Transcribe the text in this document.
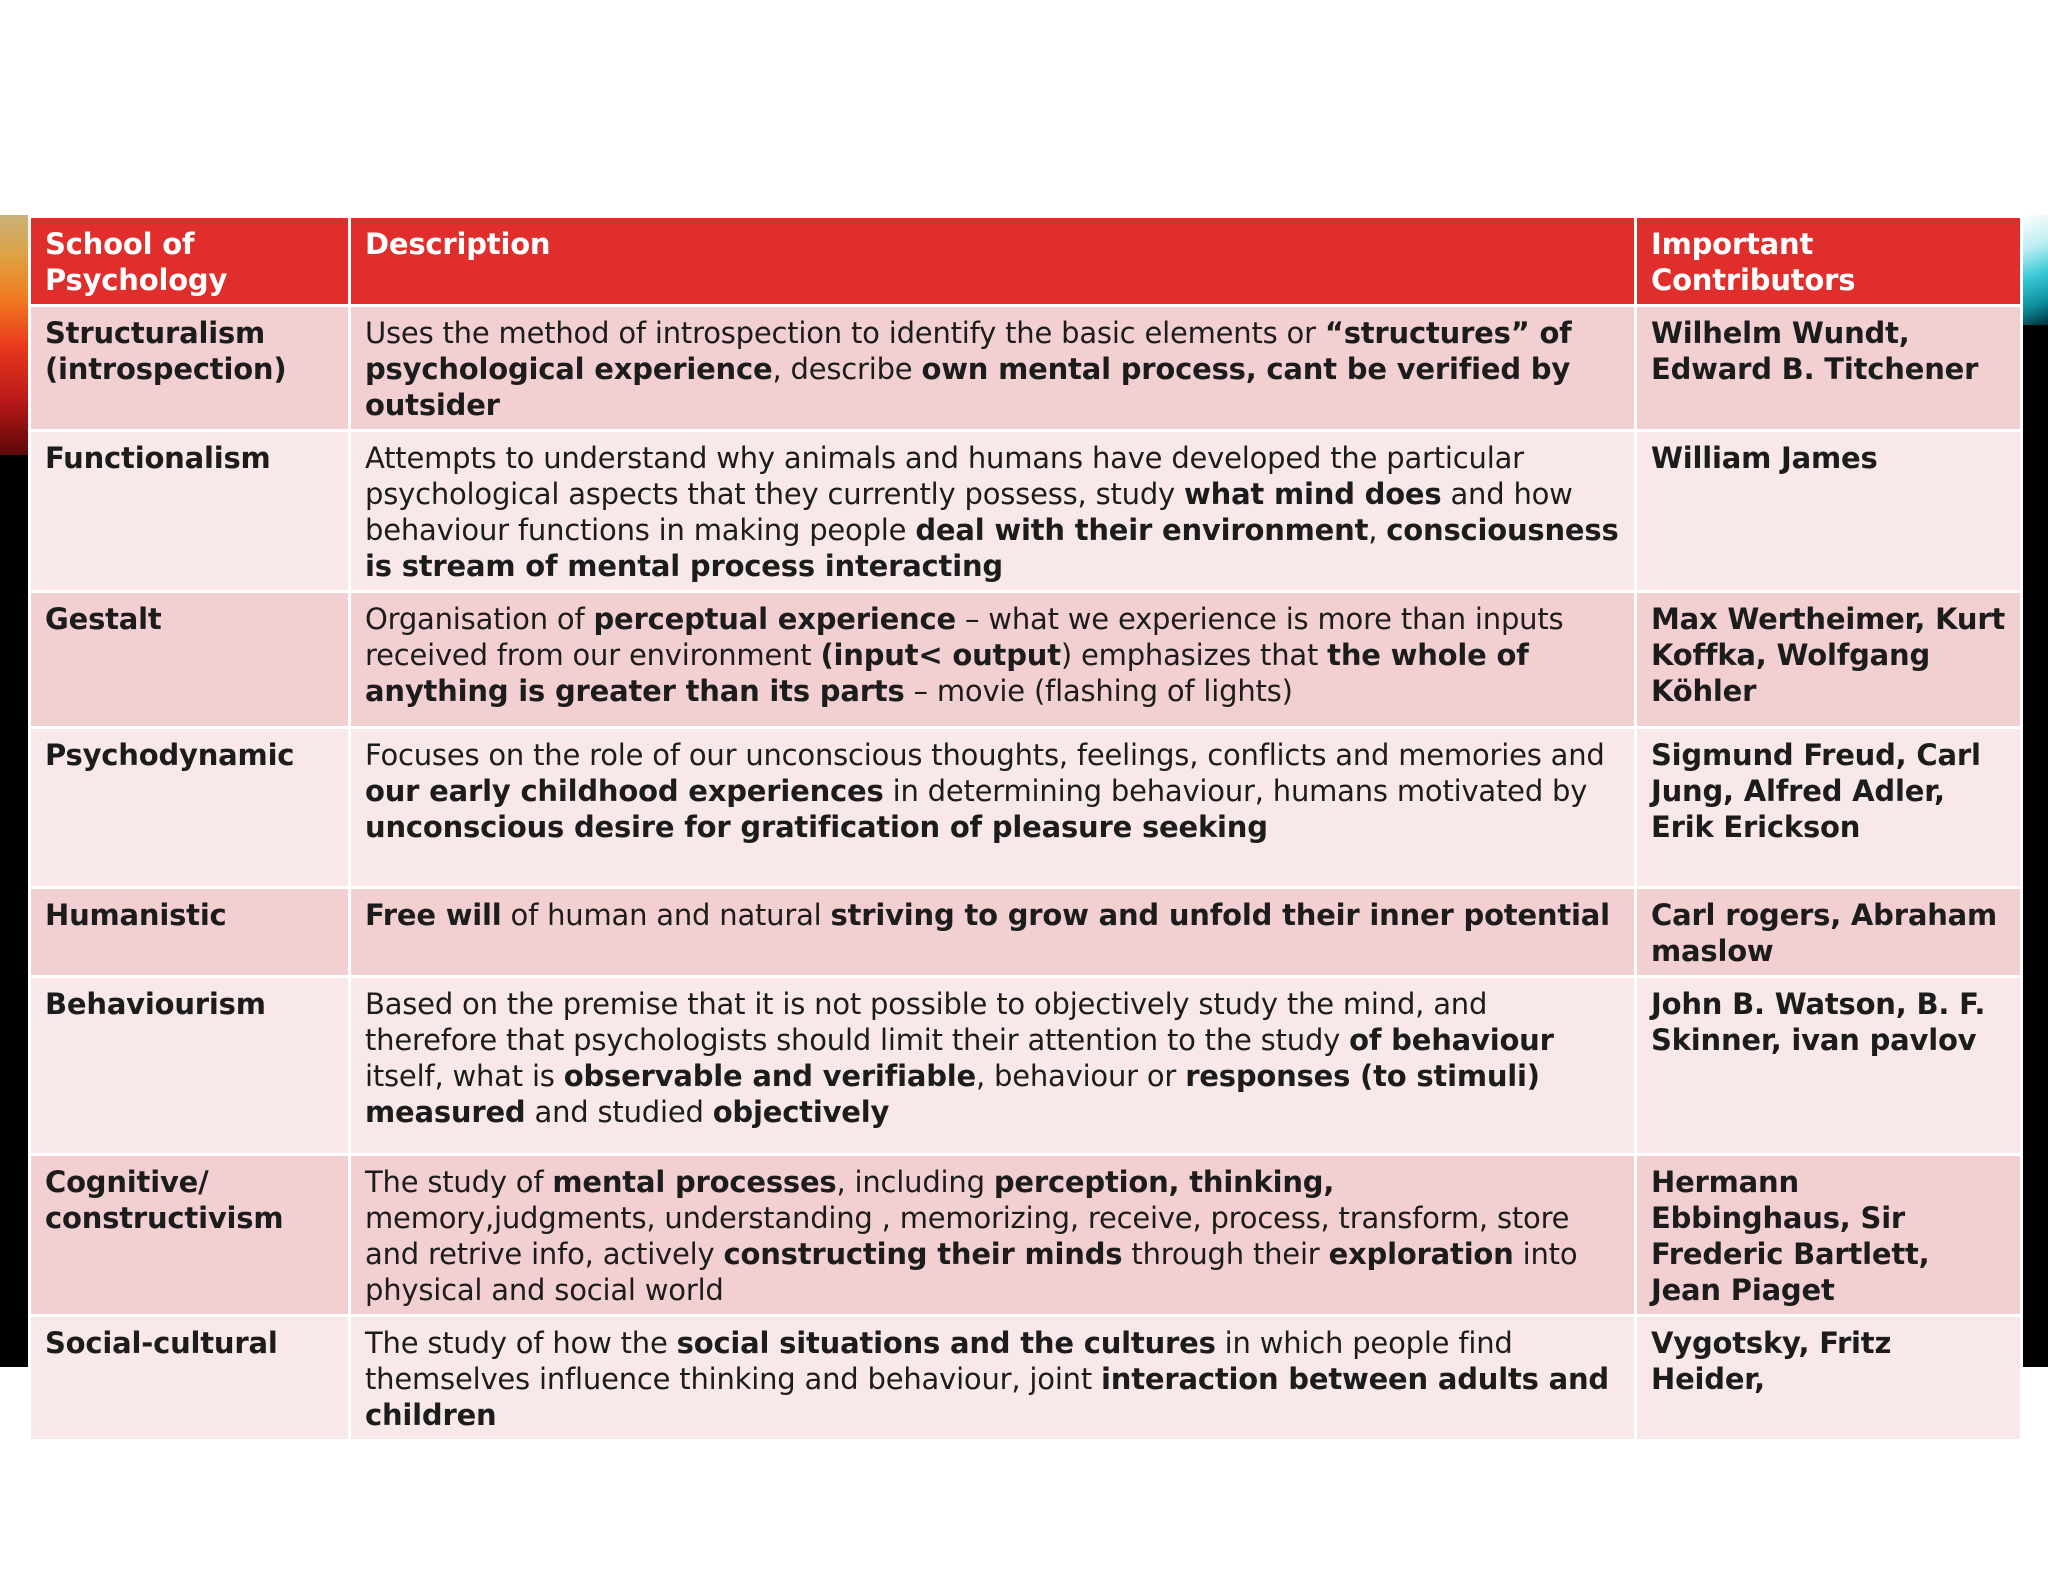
School of Psychology	Description	Important Contributors
Structuralism (introspection)	Uses the method of introspection to identify the basic elements or “structures” of psychological experience, describe own mental process, cant be verified by outsider	Wilhelm Wundt, Edward B. Titchener
Functionalism	Attempts to understand why animals and humans have developed the particular psychological aspects that they currently possess, study what mind does and how behaviour functions in making people deal with their environment, consciousness is stream of mental process interacting	William James
Gestalt	Organisation of perceptual experience – what we experience is more than inputs received from our environment (input< output) emphasizes that the whole of anything is greater than its parts – movie (flashing of lights)	Max Wertheimer, Kurt Koffka, Wolfgang Köhler
Psychodynamic	Focuses on the role of our unconscious thoughts, feelings, conflicts and memories and our early childhood experiences in determining behaviour, humans motivated by unconscious desire for gratification of pleasure seeking	Sigmund Freud, Carl Jung, Alfred Adler, Erik Erickson
Humanistic	Free will of human and natural striving to grow and unfold their inner potential	Carl rogers, Abraham maslow
Behaviourism	Based on the premise that it is not possible to objectively study the mind, and therefore that psychologists should limit their attention to the study of behaviour itself, what is observable and verifiable, behaviour or responses (to stimuli) measured and studied objectively	John B. Watson, B. F. Skinner, ivan pavlov
Cognitive/ constructivism	The study of mental processes, including perception, thinking, memory,judgments, understanding , memorizing, receive, process, transform, store and retrive info, actively constructing their minds through their exploration into physical and social world	Hermann Ebbinghaus, Sir Frederic Bartlett, Jean Piaget
Social-cultural	The study of how the social situations and the cultures in which people find themselves influence thinking and behaviour, joint interaction between adults and children	Vygotsky, Fritz Heider,
